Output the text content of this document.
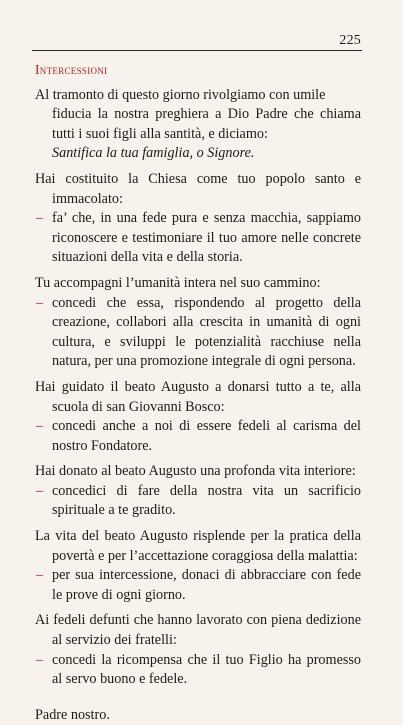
225
Intercessioni

Al tramonto di questo giorno rivolgiamo con umile

fiducia la nostra preghiera a Dio Padre che chiama tutti i suoi figli alla santità, e diciamo:

Santifica la tua famiglia, o Signore.

Hai costituito la Chiesa come tuo popolo santo e immacolato:

– fa’ che, in una fede pura e senza macchia, sappiamo riconoscere e testimoniare il tuo amore nelle concrete situazioni della vita e della storia.

Tu accompagni l’umanità intera nel suo cammino:

– concedi che essa, rispondendo al progetto della creazione, collabori alla crescita in umanità di ogni cultura, e sviluppi le potenzialità racchiuse nella natura, per una promozione integrale di ogni persona.

Hai guidato il beato Augusto a donarsi tutto a te, alla scuola di san Giovanni Bosco:

– concedi anche a noi di essere fedeli al carisma del nostro Fondatore.

Hai donato al beato Augusto una profonda vita interiore:

– concedici di fare della nostra vita un sacrificio spirituale a te gradito.

La vita del beato Augusto risplende per la pratica della povertà e per l’accettazione coraggiosa della malattia:

– per sua intercessione, donaci di abbracciare con fede le prove di ogni giorno.

Ai fedeli defunti che hanno lavorato con piena dedizione al servizio dei fratelli:

– concedi la ricompensa che il tuo Figlio ha promesso al servo buono e fedele.

Padre nostro.
